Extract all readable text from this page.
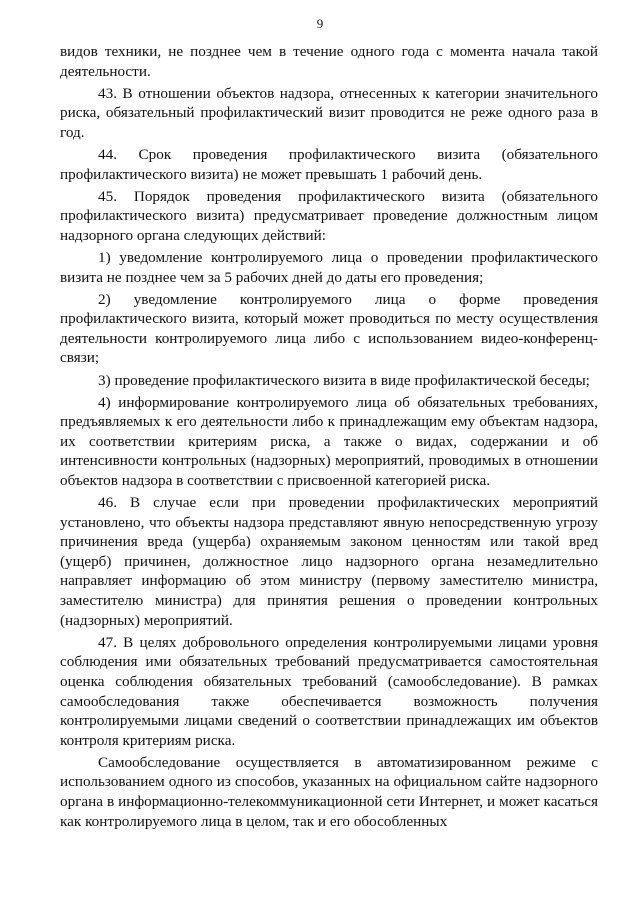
9

видов техники, не позднее чем в течение одного года с момента начала такой деятельности.

43. В отношении объектов надзора, отнесенных к категории значительного риска, обязательный профилактический визит проводится не реже одного раза в год.

44. Срок проведения профилактического визита (обязательного профилактического визита) не может превышать 1 рабочий день.

45. Порядок проведения профилактического визита (обязательного профилактического визита) предусматривает проведение должностным лицом надзорного органа следующих действий:

1) уведомление контролируемого лица о проведении профилактического визита не позднее чем за 5 рабочих дней до даты его проведения;

2) уведомление контролируемого лица о форме проведения профилактического визита, который может проводиться по месту осуществления деятельности контролируемого лица либо с использованием видео-конференц-связи;

3) проведение профилактического визита в виде профилактической беседы;

4) информирование контролируемого лица об обязательных требованиях, предъявляемых к его деятельности либо к принадлежащим ему объектам надзора, их соответствии критериям риска, а также о видах, содержании и об интенсивности контрольных (надзорных) мероприятий, проводимых в отношении объектов надзора в соответствии с присвоенной категорией риска.

46. В случае если при проведении профилактических мероприятий установлено, что объекты надзора представляют явную непосредственную угрозу причинения вреда (ущерба) охраняемым законом ценностям или такой вред (ущерб) причинен, должностное лицо надзорного органа незамедлительно направляет информацию об этом министру (первому заместителю министра, заместителю министра) для принятия решения о проведении контрольных (надзорных) мероприятий.

47. В целях добровольного определения контролируемыми лицами уровня соблюдения ими обязательных требований предусматривается самостоятельная оценка соблюдения обязательных требований (самообследование). В рамках самообследования также обеспечивается возможность получения контролируемыми лицами сведений о соответствии принадлежащих им объектов контроля критериям риска.

Самообследование осуществляется в автоматизированном режиме с использованием одного из способов, указанных на официальном сайте надзорного органа в информационно-телекоммуникационной сети Интернет, и может касаться как контролируемого лица в целом, так и его обособленных
